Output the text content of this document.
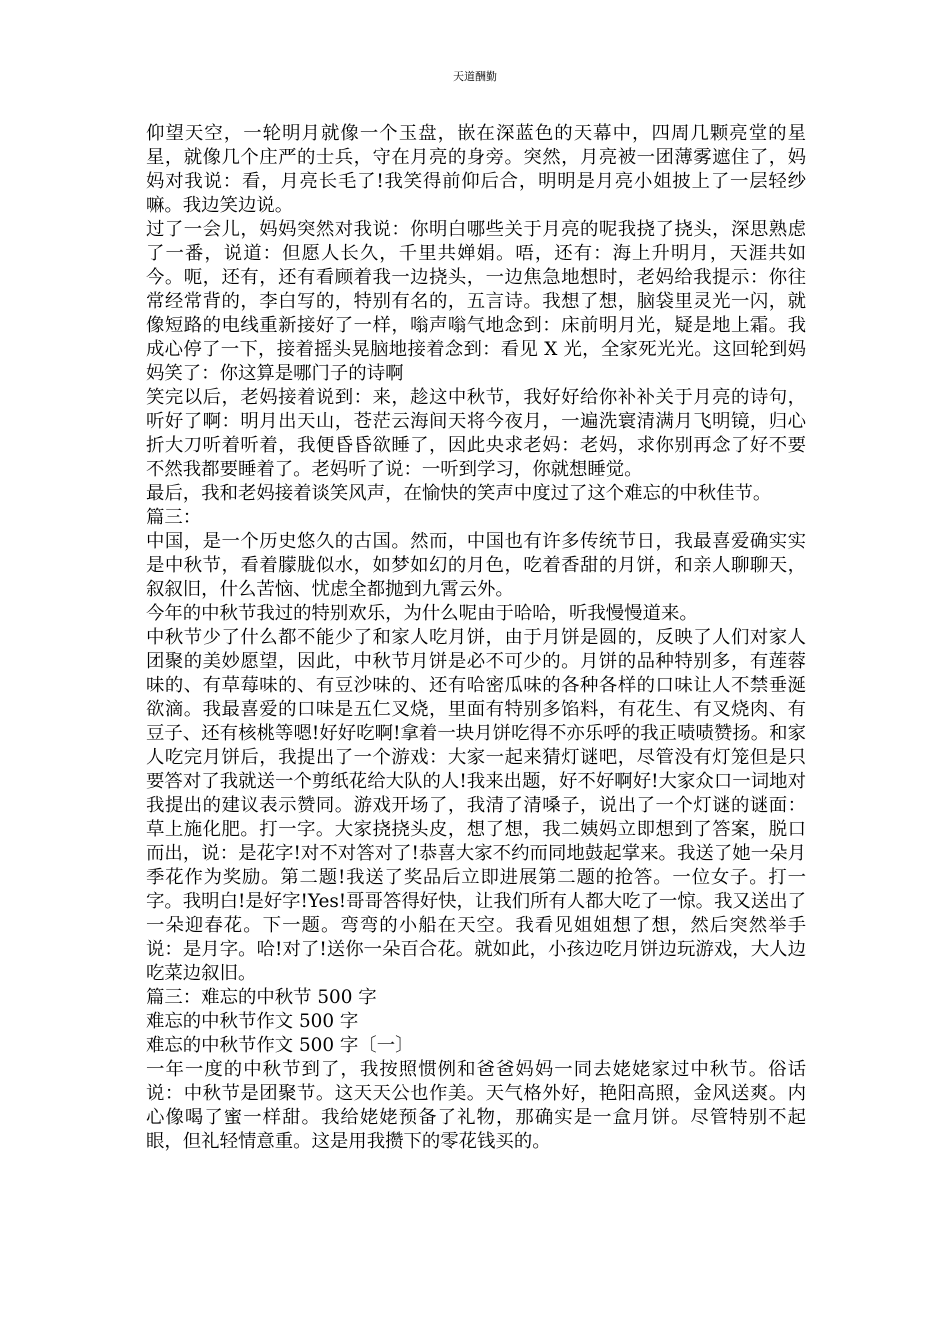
天道酬勤

仰望天空，一轮明月就像一个玉盘，嵌在深蓝色的天幕中，四周几颗亮堂的星星，就像几个庄严的士兵，守在月亮的身旁。突然，月亮被一团薄雾遮住了，妈妈对我说：看，月亮长毛了!我笑得前仰后合，明明是月亮小姐披上了一层轻纱嘛。我边笑边说。

过了一会儿，妈妈突然对我说：你明白哪些关于月亮的呢我挠了挠头，深思熟虑了一番，说道：但愿人长久，千里共婵娟。唔，还有：海上升明月，天涯共如今。呃，还有，还有看顾着我一边挠头，一边焦急地想时，老妈给我提示：你往常经常背的，李白写的，特别有名的，五言诗。我想了想，脑袋里灵光一闪，就像短路的电线重新接好了一样，嗡声嗡气地念到：床前明月光，疑是地上霜。我成心停了一下，接着摇头晃脑地接着念到：看见 X 光，全家死光光。这回轮到妈妈笑了：你这算是哪门子的诗啊

笑完以后，老妈接着说到：来，趁这中秋节，我好好给你补补关于月亮的诗句，听好了啊：明月出天山，苍茫云海间天将今夜月，一遍洗寰清满月飞明镜，归心折大刀听着听着，我便昏昏欲睡了，因此央求老妈：老妈，求你别再念了好不要不然我都要睡着了。老妈听了说：一听到学习，你就想睡觉。

最后，我和老妈接着谈笑风声，在愉快的笑声中度过了这个难忘的中秋佳节。

篇三：

中国，是一个历史悠久的古国。然而，中国也有许多传统节日，我最喜爱确实实是中秋节，看着朦胧似水，如梦如幻的月色，吃着香甜的月饼，和亲人聊聊天，叙叙旧，什么苦恼、忧虑全都抛到九霄云外。

今年的中秋节我过的特别欢乐，为什么呢由于哈哈，听我慢慢道来。

中秋节少了什么都不能少了和家人吃月饼，由于月饼是圆的，反映了人们对家人团聚的美妙愿望，因此，中秋节月饼是必不可少的。月饼的品种特别多，有莲蓉味的、有草莓味的、有豆沙味的、还有哈密瓜味的各种各样的口味让人不禁垂涎欲滴。我最喜爱的口味是五仁叉烧，里面有特别多馅料，有花生、有叉烧肉、有豆子、还有核桃等嗯!好好吃啊!拿着一块月饼吃得不亦乐呼的我正啧啧赞扬。和家人吃完月饼后，我提出了一个游戏：大家一起来猜灯谜吧，尽管没有灯笼但是只要答对了我就送一个剪纸花给大队的人!我来出题，好不好啊好!大家众口一词地对我提出的建议表示赞同。游戏开场了，我清了清嗓子，说出了一个灯谜的谜面：草上施化肥。打一字。大家挠挠头皮，想了想，我二姨妈立即想到了答案，脱口而出，说：是花字!对不对答对了!恭喜大家不约而同地鼓起掌来。我送了她一朵月季花作为奖励。第二题!我送了奖品后立即进展第二题的抢答。一位女子。打一字。我明白!是好字!Yes!哥哥答得好快，让我们所有人都大吃了一惊。我又送出了一朵迎春花。下一题。弯弯的小船在天空。我看见姐姐想了想，然后突然举手说：是月字。哈!对了!送你一朵百合花。就如此，小孩边吃月饼边玩游戏，大人边吃菜边叙旧。

篇三：难忘的中秋节 500 字

难忘的中秋节作文 500 字

难忘的中秋节作文 500 字〔一〕

一年一度的中秋节到了，我按照惯例和爸爸妈妈一同去姥姥家过中秋节。俗话说：中秋节是团聚节。这天天公也作美。天气格外好，艳阳高照，金风送爽。内心像喝了蜜一样甜。我给姥姥预备了礼物，那确实是一盒月饼。尽管特别不起眼，但礼轻情意重。这是用我攒下的零花钱买的。
